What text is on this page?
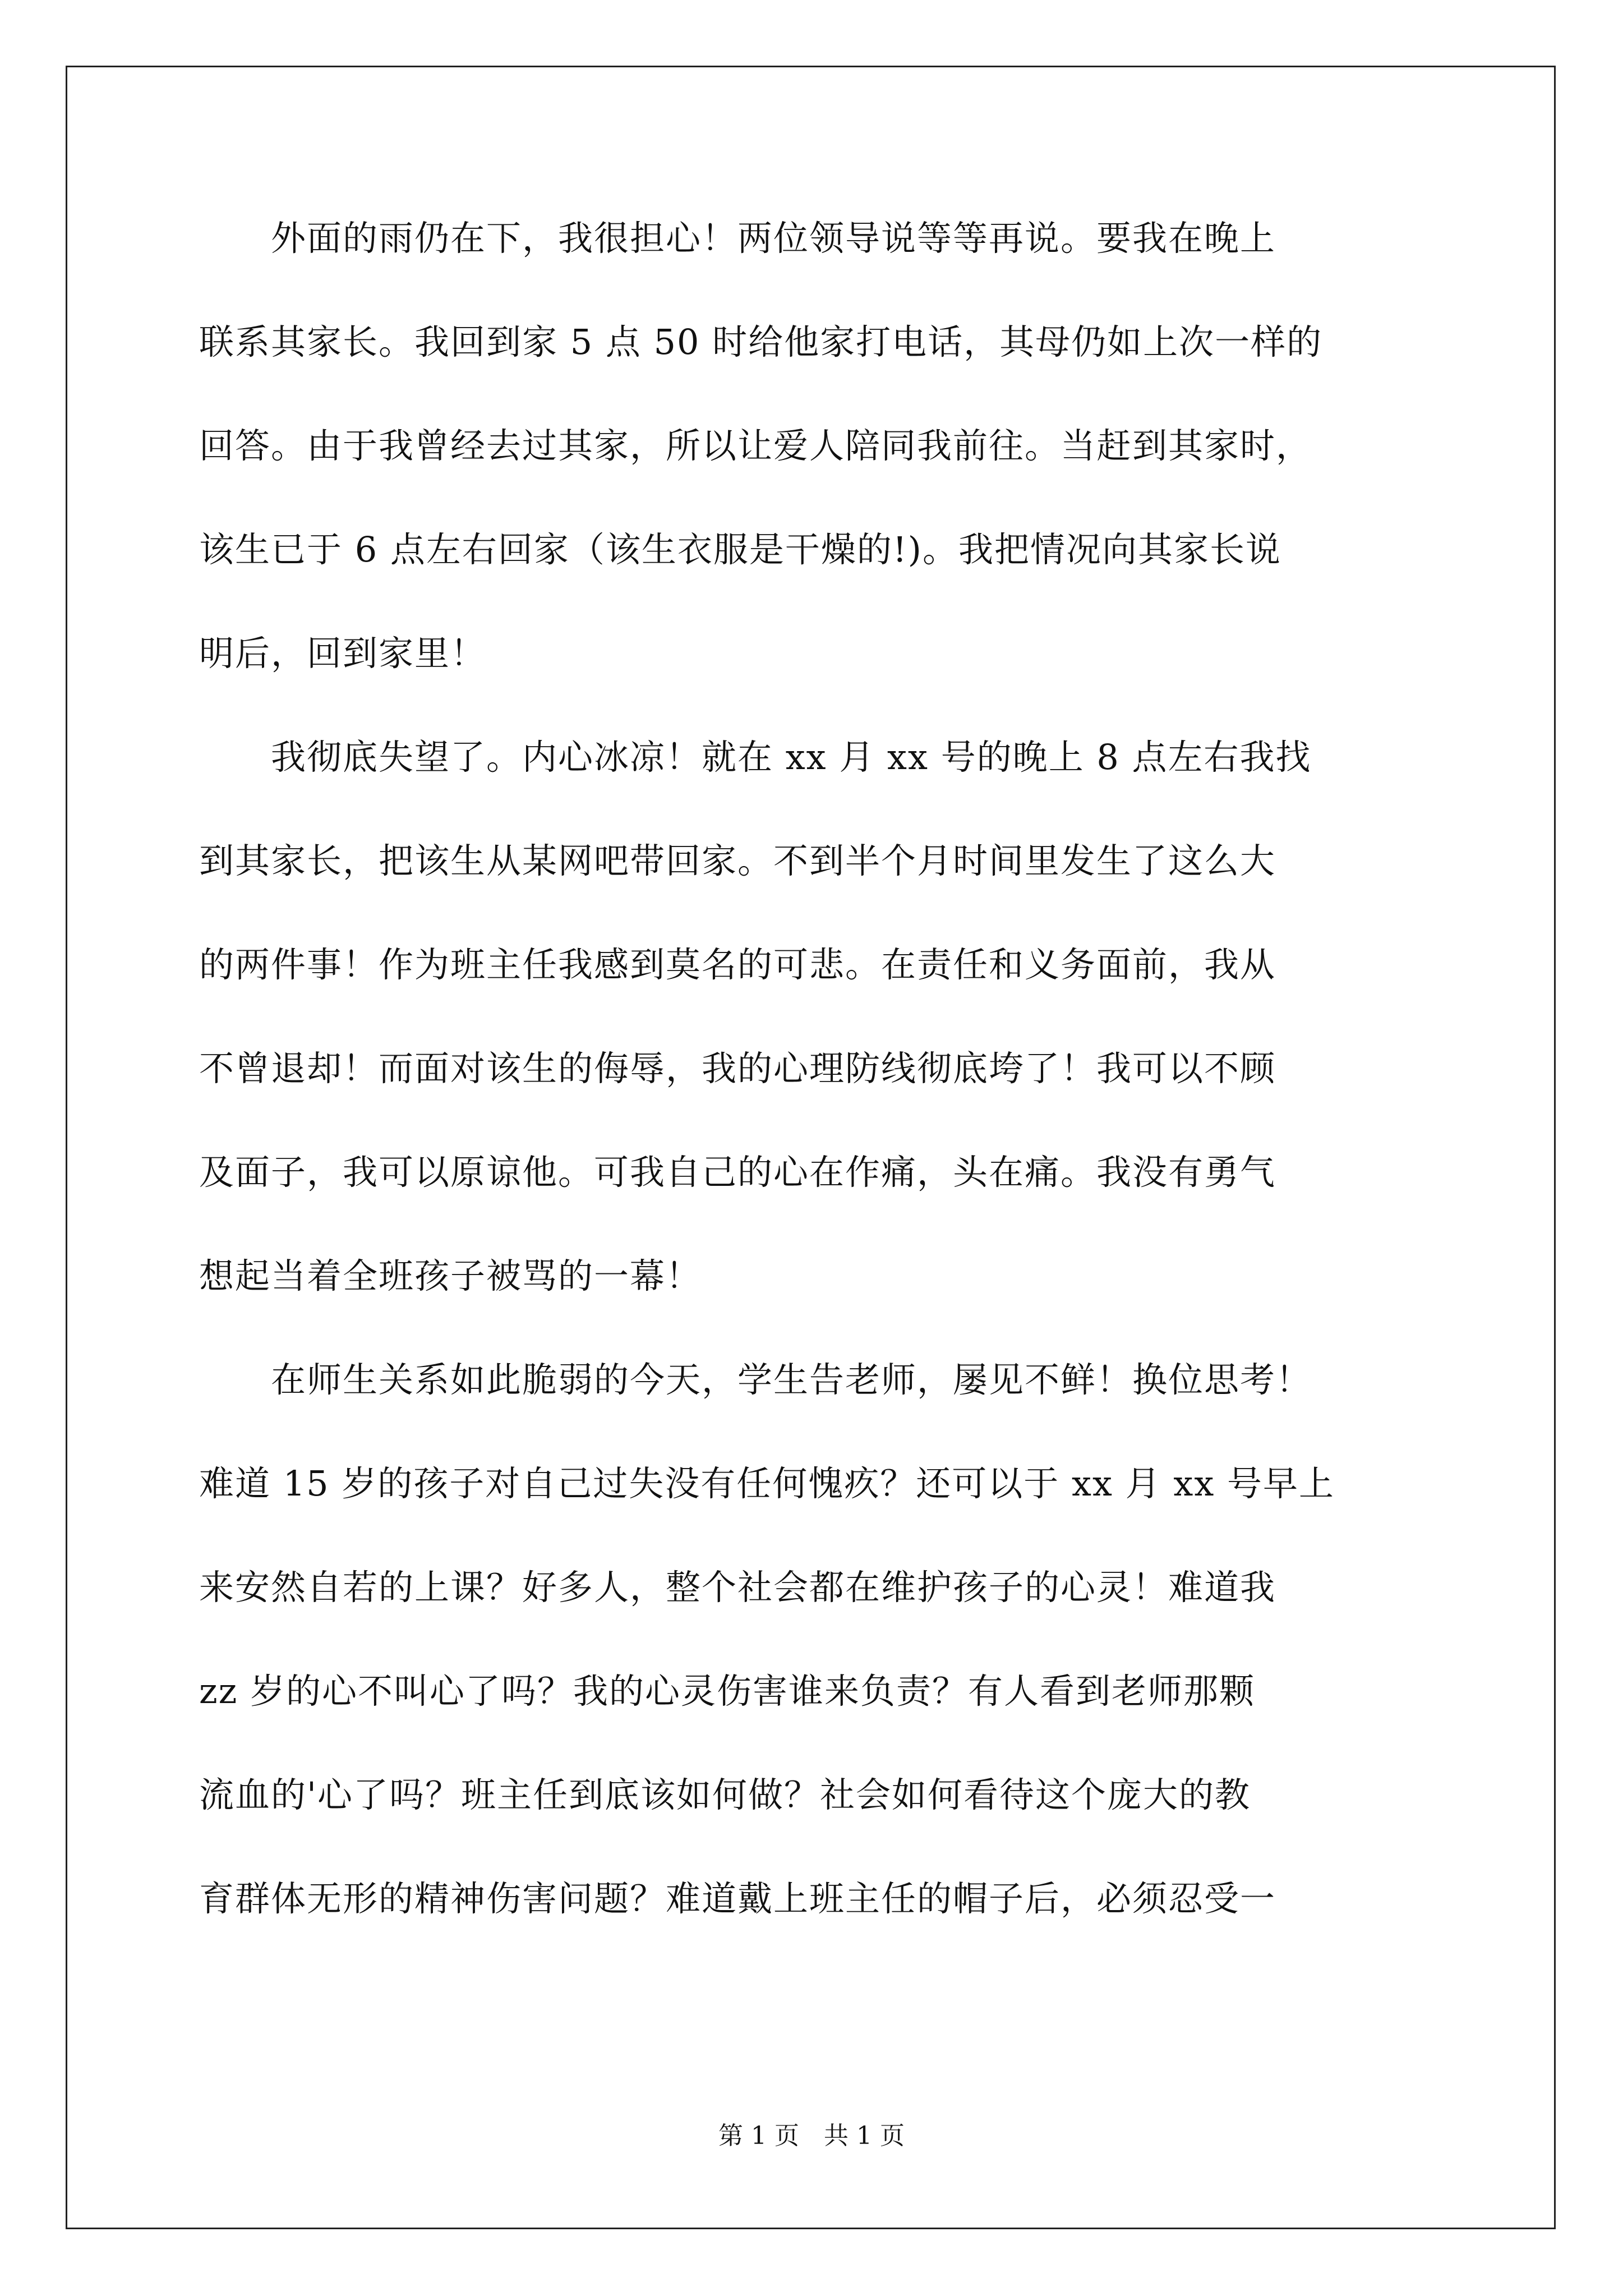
　　外面的雨仍在下，我很担心！两位领导说等等再说。要我在晚上
联系其家长。我回到家 5 点 50 时给他家打电话，其母仍如上次一样的
回答。由于我曾经去过其家，所以让爱人陪同我前往。当赶到其家时，
该生已于 6 点左右回家（该生衣服是干燥的!)。我把情况向其家长说
明后，回到家里！
　　我彻底失望了。内心冰凉！就在 xx 月 xx 号的晚上 8 点左右我找
到其家长，把该生从某网吧带回家。不到半个月时间里发生了这么大
的两件事！作为班主任我感到莫名的可悲。在责任和义务面前，我从
不曾退却！而面对该生的侮辱，我的心理防线彻底垮了！我可以不顾
及面子，我可以原谅他。可我自己的心在作痛，头在痛。我没有勇气
想起当着全班孩子被骂的一幕！
　　在师生关系如此脆弱的今天，学生告老师，屡见不鲜！换位思考！
难道 15 岁的孩子对自己过失没有任何愧疚？还可以于 xx 月 xx 号早上
来安然自若的上课？好多人，整个社会都在维护孩子的心灵！难道我
zz 岁的心不叫心了吗？我的心灵伤害谁来负责？有人看到老师那颗
流血的'心了吗？班主任到底该如何做？社会如何看待这个庞大的教
育群体无形的精神伤害问题？难道戴上班主任的帽子后，必须忍受一
第 1 页　共 1 页
